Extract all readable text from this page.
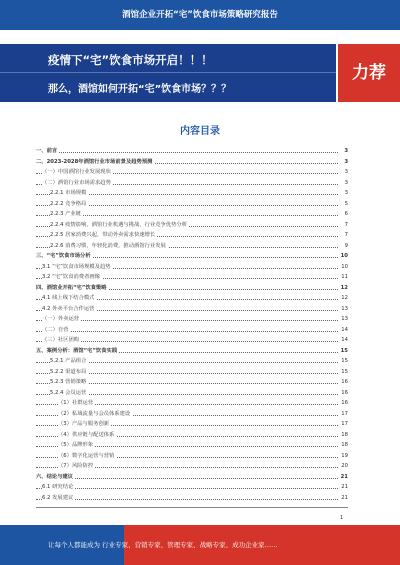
酒馆企业开拓“宅”饮食市场策略研究报告
疫情下“宅”饮食市场开启！！！
那么，酒馆如何开拓“宅”饮食市场？？？
力荐
内容目录
一、前言	3
二、2023-2028年酒馆行业市场前景及趋势预测	3
（一）中国酒馆行业发展现状	3
（二）酒馆行业市场需求趋势	3
2.2.1 市场规模	3
2.2.2 竞争格局	5
2.2.3 产业链	6
2.2.4 疫情影响，酒馆行业机遇与挑战，行业竞争优势分析	7
2.2.5 居家消费兴起，带动外卖需求快速增长	7
2.2.6 消费习惯，年轻化消费，推动酒馆行业发展	9
三、“宅”饮食市场分析	10
3.1 “宅”饮食市场规模及趋势	10
3.2 “宅”饮食消费者画像	11
四、酒馆业开拓“宅”饮食策略	12
4.1 线上线下结合模式	12
4.2 外卖平台合作运营	13
（一）外卖运营	13
（二）自营	14
（三）社区团购	14
五、案例分析：酒馆“宅”饮食实践	15
5.2.1 产品组合	15
5.2.2 渠道布局	15
5.2.3 营销策略	16
5.2.4 会员运营	16
（1）社群运营	16
（2）私域流量与会员体系建设	17
（3）产品与服务创新	17
（4）供应链与配送体系	18
（5）品牌形象	18
（6）数字化运营与营销	19
（7）风险防控	20
六、结论与建议	21
6.1 研究结论	21
6.2 发展建议	21
1
让每个人都能成为 行业专家、营销专家、管理专家、战略专家、成功企业家……
